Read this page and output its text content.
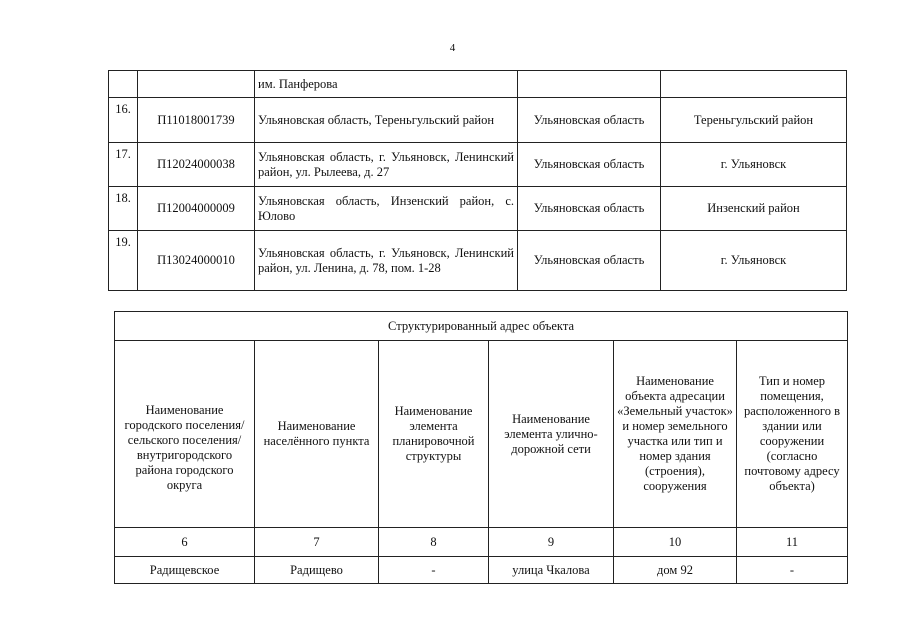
4
		им. Панферова		
16.	П11018001739	Ульяновская область, Тереньгульский район	Ульяновская область	Тереньгульский район
17.	П12024000038	Ульяновская область, г. Ульяновск, Ленинский район, ул. Рылеева, д. 27	Ульяновская область	г. Ульяновск
18.	П12004000009	Ульяновская область, Инзенский район, с. Юлово	Ульяновская область	Инзенский район
19.	П13024000010	Ульяновская область, г. Ульяновск, Ленинский район, ул. Ленина, д. 78, пом. 1-28	Ульяновская область	г. Ульяновск
Структурированный адрес объекта					
Наименование городского поселения/сельского поселения/внутригородского района городского округа	Наименование населённого пункта	Наименование элемента планировочной структуры	Наименование элемента улично-дорожной сети	Наименование объекта адресации «Земельный участок» и номер земельного участка или тип и номер здания (строения), сооружения	Тип и номер помещения, расположенного в здании или сооружении (согласно почтовому адресу объекта)
6	7	8	9	10	11
Радищевское	Радищево	-	улица Чкалова	дом 92	-
